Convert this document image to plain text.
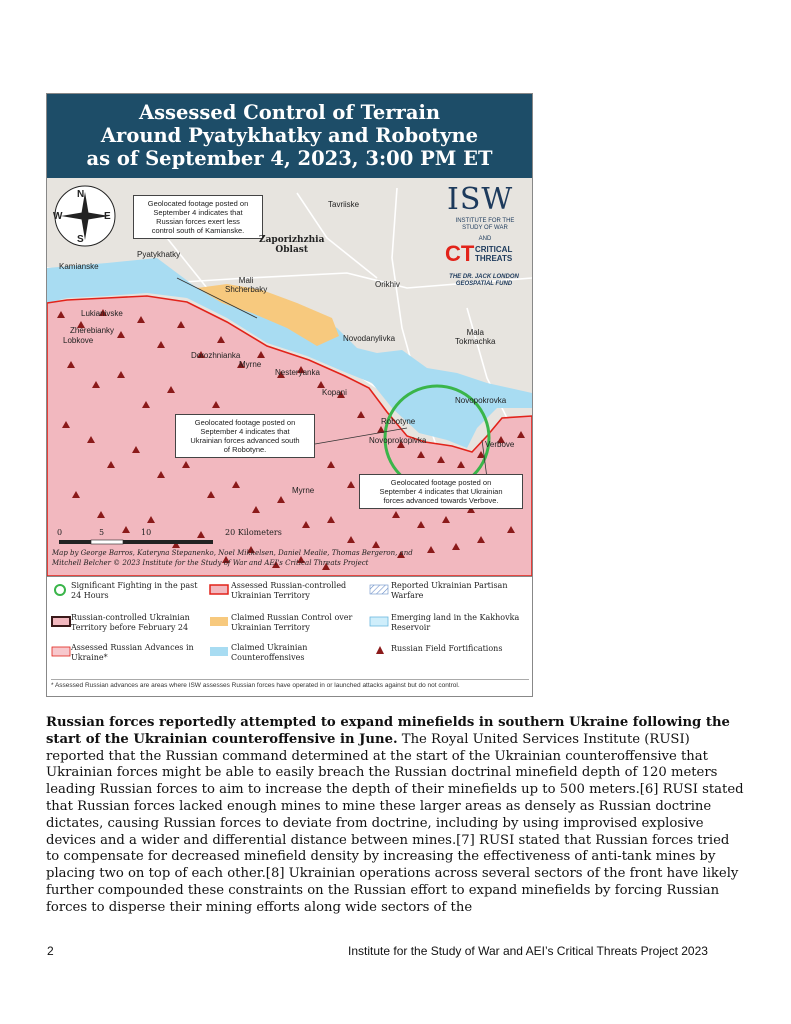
Assessed Control of Terrain
Around Pyatykhatky and Robotyne
as of September 4, 2023, 3:00 PM ET
N
S
W	E
Geolocated footage posted on
September 4 indicates that
Russian forces exert less
control south of Kamianske.
Zaporizhzhia
Oblast
Tavriiske
Pyatykhatky
Kamianske
Mali
Shcherbaky
Orikhiv
Lukianivske
Zherebianky
Lobkove
Dorozhnianka
Myrne
Nesteryanka
Novodanylivka
Mala
Tokmachka
Kopani
Novopokrovka
Robotyne
Novoprokopivka	Verbove
Myrne
Geolocated footage posted on
September 4 indicates that
Ukrainian forces advanced south
of Robotyne.
Geolocated footage posted on
September 4 indicates that Ukrainian
forces advanced towards Verbove.
ISW
INSTITUTE FOR THE
STUDY OF WAR
AND
CT CRITICAL
THREATS
THE DR. JACK LONDON
GEOSPATIAL FUND
0	5	10	20 Kilometers
Map by George Barros, Kateryna Stepanenko, Noel Mikkelsen, Daniel Mealie, Thomas Bergeron, and
Mitchell Belcher © 2023 Institute for the Study of War and AEI's Critical Threats Project
Significant Fighting in the past
24 Hours
Assessed Russian-controlled
Ukrainian Territory
Reported Ukrainian Partisan
Warfare
Russian-controlled Ukrainian
Territory before February 24
Claimed Russian Control over
Ukrainian Territory
Emerging land in the Kakhovka
Reservoir
Assessed Russian Advances in
Ukraine*
Claimed Ukrainian
Counteroffensives
Russian Field Fortifications
* Assessed Russian advances are areas where ISW assesses Russian forces have operated in or launched attacks against but do not control.
Russian forces reportedly attempted to expand minefields in southern Ukraine following the start of the Ukrainian counteroffensive in June. The Royal United Services Institute (RUSI) reported that the Russian command determined at the start of the Ukrainian counteroffensive that Ukrainian forces might be able to easily breach the Russian doctrinal minefield depth of 120 meters leading Russian forces to aim to increase the depth of their minefields up to 500 meters.[6] RUSI stated that Russian forces lacked enough mines to mine these larger areas as densely as Russian doctrine dictates, causing Russian forces to deviate from doctrine, including by using improvised explosive devices and a wider and differential distance between mines.[7] RUSI stated that Russian forces tried to compensate for decreased minefield density by increasing the effectiveness of anti-tank mines by placing two on top of each other.[8] Ukrainian operations across several sectors of the front have likely further compounded these constraints on the Russian effort to expand minefields by forcing Russian forces to disperse their mining efforts along wide sectors of the
2	Institute for the Study of War and AEI’s Critical Threats Project 2023
